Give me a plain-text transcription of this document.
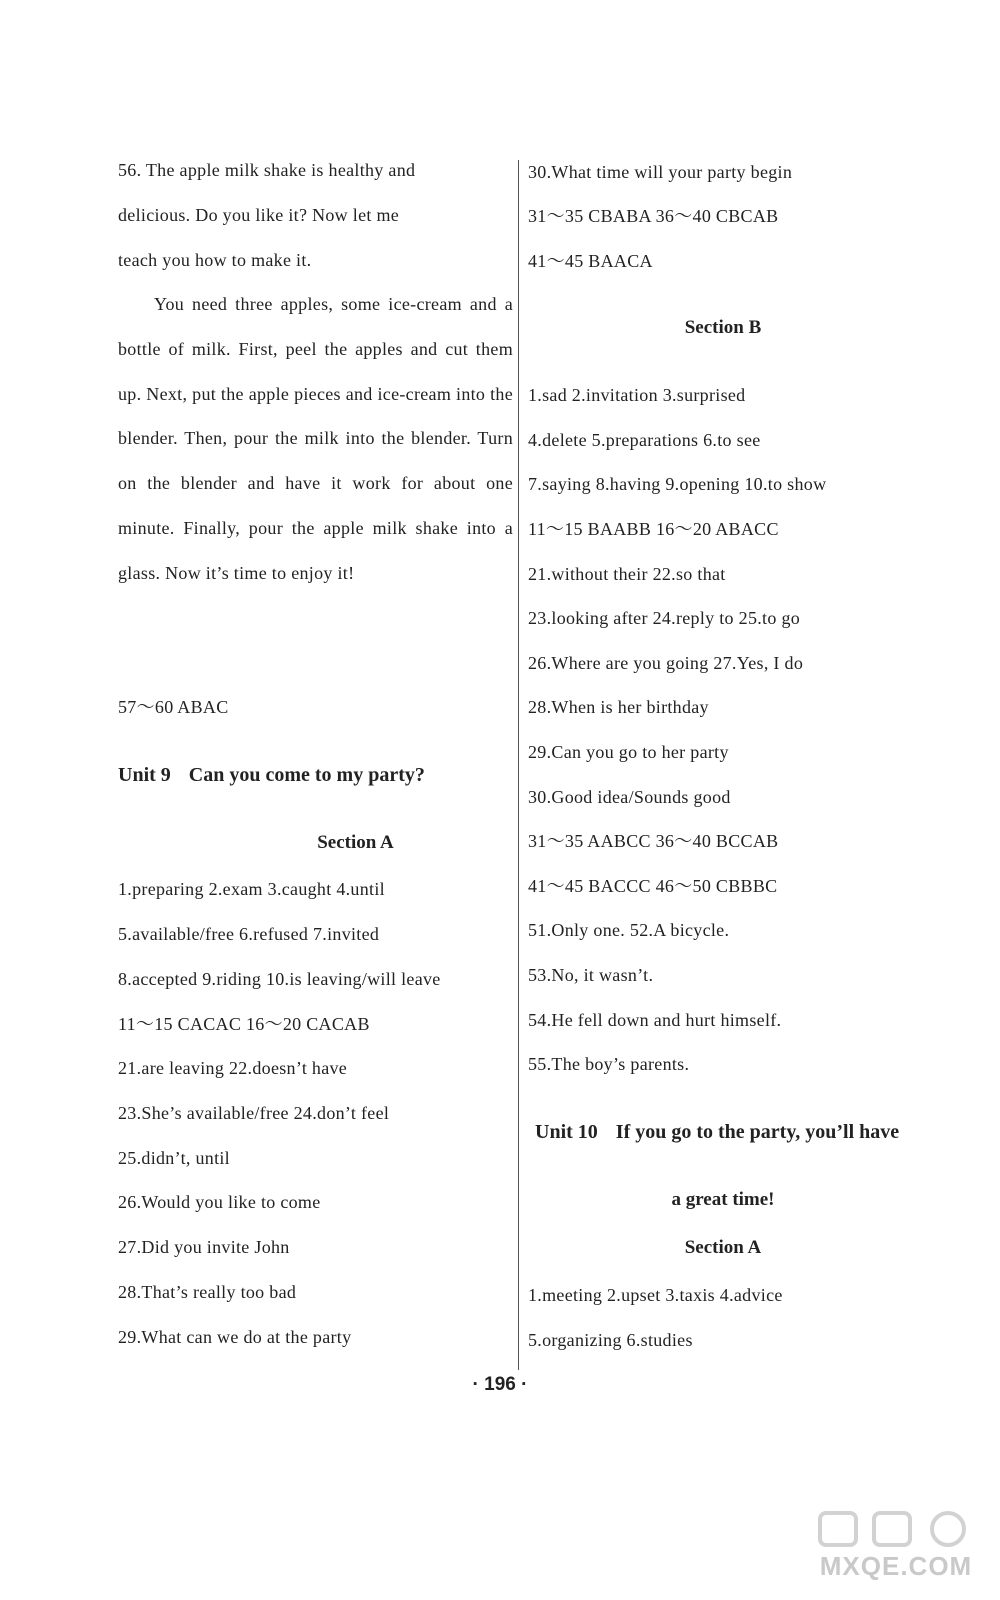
56. The apple milk shake is healthy and
delicious. Do you like it? Now let me
teach you how to make it.
You need three apples, some ice-cream and a bottle of milk. First, peel the apples and cut them up. Next, put the apple pieces and ice-cream into the blender. Then, pour the milk into the blender. Turn on the blender and have it work for about one minute. Finally, pour the apple milk shake into a glass. Now it’s time to enjoy it!
57～60 ABAC
Unit 9 Can you come to my party?
Section A
1.preparing 2.exam 3.caught 4.until
5.available/free 6.refused 7.invited
8.accepted 9.riding 10.is leaving/will leave
11～15 CACAC 16～20 CACAB
21.are leaving 22.doesn’t have
23.She’s available/free 24.don’t feel
25.didn’t, until
26.Would you like to come
27.Did you invite John
28.That’s really too bad
29.What can we do at the party
30.What time will your party begin
31～35 CBABA 36～40 CBCAB
41～45 BAACA
Section B
1.sad 2.invitation 3.surprised
4.delete 5.preparations 6.to see
7.saying 8.having 9.opening 10.to show
11～15 BAABB 16～20 ABACC
21.without their 22.so that
23.looking after 24.reply to 25.to go
26.Where are you going 27.Yes, I do
28.When is her birthday
29.Can you go to her party
30.Good idea/Sounds good
31～35 AABCC 36～40 BCCAB
41～45 BACCC 46～50 CBBBC
51.Only one. 52.A bicycle.
53.No, it wasn’t.
54.He fell down and hurt himself.
55.The boy’s parents.
Unit 10 If you go to the party, you’ll have
a great time!
Section A
1.meeting 2.upset 3.taxis 4.advice
5.organizing 6.studies
· 196 ·
MXQE.COM
